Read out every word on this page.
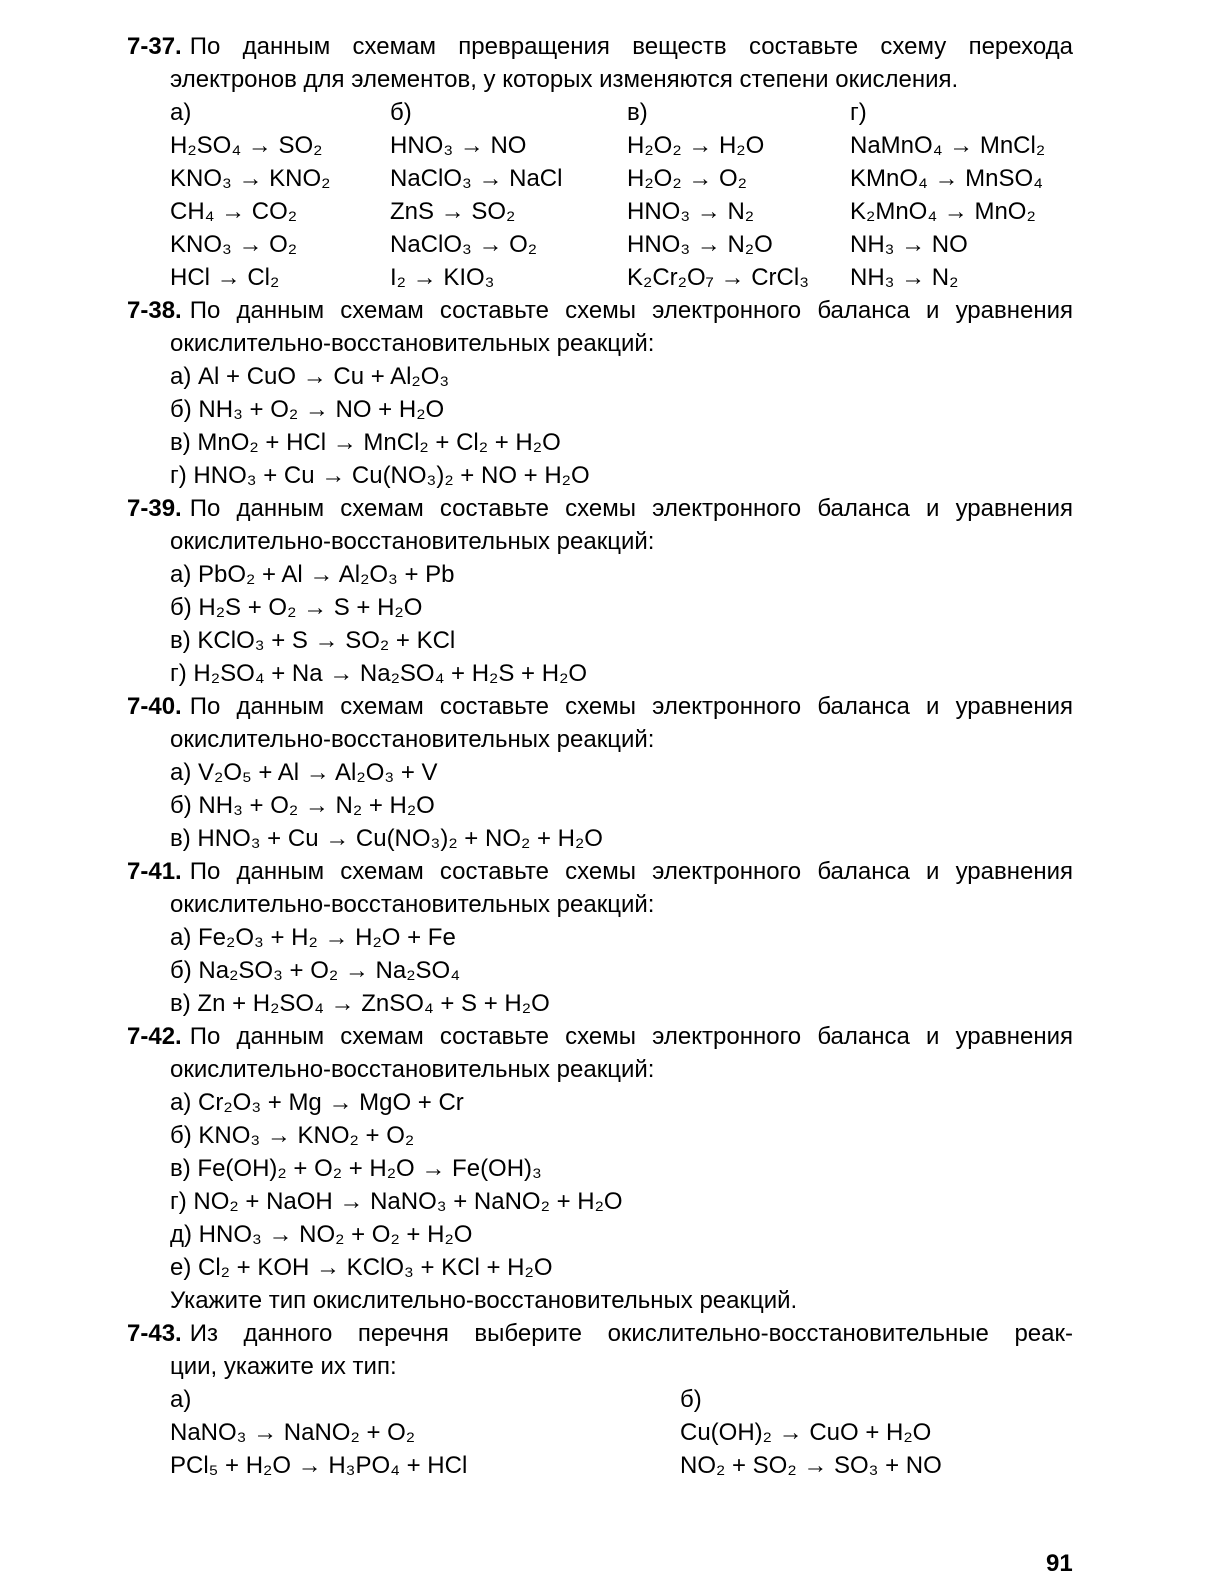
7-37. По данным схемам превращения веществ составьте схему перехода
электронов для элементов, у которых изменяются степени окисления.
а)
H₂SO₄ → SO₂
KNO₃ → KNO₂
CH₄ → CO₂
KNO₃ → O₂
HCl → Cl₂
б)
HNO₃ → NO
NaClO₃ → NaCl
ZnS → SO₂
NaClO₃ → O₂
I₂ → KIO₃
в)
H₂O₂ → H₂O
H₂O₂ → O₂
HNO₃ → N₂
HNO₃ → N₂O
K₂Cr₂O₇ → CrCl₃
г)
NaMnO₄ → MnCl₂
KMnO₄ → MnSO₄
K₂MnO₄ → MnO₂
NH₃ → NO
NH₃ → N₂
7-38. По данным схемам составьте схемы электронного баланса и уравнения
окислительно-восстановительных реакций:
а) Al + CuO → Cu + Al₂O₃
б) NH₃ + O₂ → NO + H₂O
в) MnO₂ + HCl → MnCl₂ + Cl₂ + H₂O
г) HNO₃ + Cu → Cu(NO₃)₂ + NO + H₂O
7-39. По данным схемам составьте схемы электронного баланса и уравнения
окислительно-восстановительных реакций:
а) PbO₂ + Al → Al₂O₃ + Pb
б) H₂S + O₂ → S + H₂O
в) KClO₃ + S → SO₂ + KCl
г) H₂SO₄ + Na → Na₂SO₄ + H₂S + H₂O
7-40. По данным схемам составьте схемы электронного баланса и уравнения
окислительно-восстановительных реакций:
а) V₂O₅ + Al → Al₂O₃ + V
б) NH₃ + O₂ → N₂ + H₂O
в) HNO₃ + Cu → Cu(NO₃)₂ + NO₂ + H₂O
7-41. По данным схемам составьте схемы электронного баланса и уравнения
окислительно-восстановительных реакций:
а) Fe₂O₃ + H₂ → H₂O + Fe
б) Na₂SO₃ + O₂ → Na₂SO₄
в) Zn + H₂SO₄ → ZnSO₄ + S + H₂O
7-42. По данным схемам составьте схемы электронного баланса и уравнения
окислительно-восстановительных реакций:
а) Cr₂O₃ + Mg → MgO + Cr
б) KNO₃ → KNO₂ + O₂
в) Fe(OH)₂ + O₂ + H₂O → Fe(OH)₃
г) NO₂ + NaOH → NaNO₃ + NaNO₂ + H₂O
д) HNO₃ → NO₂ + O₂ + H₂O
е) Cl₂ + KOH → KClO₃ + KCl + H₂O
Укажите тип окислительно-восстановительных реакций.
7-43. Из данного перечня выберите окислительно-восстановительные реак-
ции, укажите их тип:
а)
NaNO₃ → NaNO₂ + O₂
PCl₅ + H₂O → H₃PO₄ + HCl
б)
Cu(OH)₂ → CuO + H₂O
NO₂ + SO₂ → SO₃ + NO
91
